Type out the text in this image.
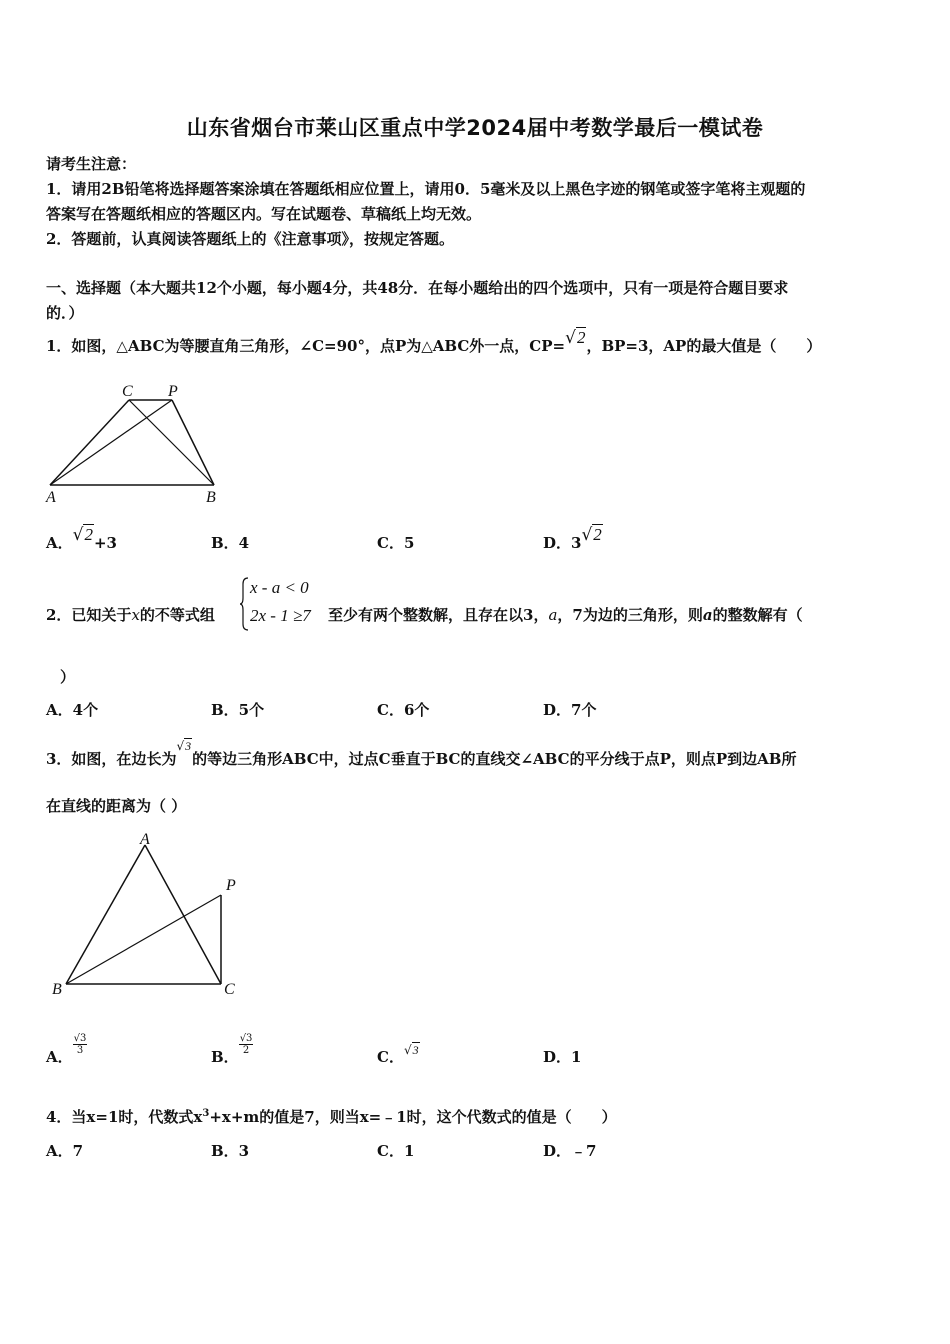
山东省烟台市莱山区重点中学2024届中考数学最后一模试卷
请考生注意：
1．请用2B铅笔将选择题答案涂填在答题纸相应位置上，请用0．5毫米及以上黑色字迹的钢笔或签字笔将主观题的
答案写在答题纸相应的答题区内。写在试题卷、草稿纸上均无效。
2．答题前，认真阅读答题纸上的《注意事项》，按规定答题。
一、选择题（本大题共12个小题，每小题4分，共48分．在每小题给出的四个选项中，只有一项是符合题目要求
的．）
1．如图，△ABC为等腰直角三角形，∠C=90°，点P为△ABC外一点，CP=√2，BP=3，AP的最大值是（　　）
C P
A	B
A．√2+3	B．4	C．5	D．3√2
2．已知关于x的不等式组
x - a < 0
2x - 1 ≥7 至少有两个整数解，且存在以3，a，7为边的三角形，则a的整数解有（
）
A．4个	B．5个	C．6个	D．7个
3．如图，在边长为√3的等边三角形ABC中，过点C垂直于BC的直线交∠ABC的平分线于点P，则点P到边AB所
在直线的距离为（ ）
A
P
B	C
A．
$\frac{√3}{3}$
B．
$\frac{√3}{2}$
C．√3	D．1
4．当x=1时，代数式$x^3+x+m$的值是7，则当x=﹣1时，这个代数式的值是（　　）
A．7	B．3	C．1	D．﹣7
